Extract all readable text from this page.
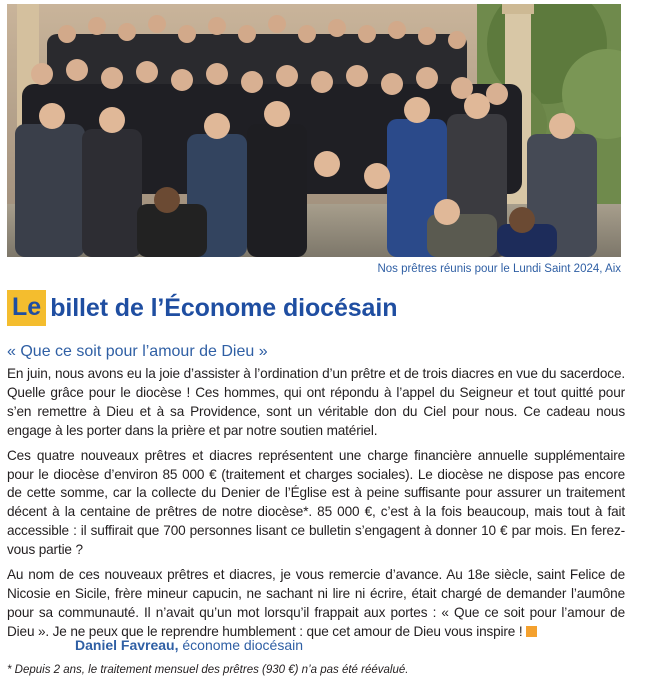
Nos prêtres réunis pour le Lundi Saint 2024, Aix
Le billet de l’Économe diocésain
« Que ce soit pour l’amour de Dieu »

En juin, nous avons eu la joie d’assister à l’ordination d’un prêtre et de trois diacres en vue du sacerdoce. Quelle grâce pour le diocèse ! Ces hommes, qui ont répondu à l’appel du Seigneur et tout quitté pour s’en remettre à Dieu et à sa Providence, sont un véritable don du Ciel pour nous. Ce cadeau nous engage à les porter dans la prière et par notre soutien matériel.

Ces quatre nouveaux prêtres et diacres représentent une charge financière annuelle supplémentaire pour le diocèse d’environ 85 000 € (traitement et charges sociales). Le diocèse ne dispose pas encore de cette somme, car la collecte du Denier de l’Église est à peine suffisante pour assurer un traitement décent à la centaine de prêtres de notre diocèse*. 85 000 €, c’est à la fois beaucoup, mais tout à fait accessible : il suffirait que 700 personnes lisant ce bulletin s’engagent à donner 10 € par mois. En ferez-vous partie ?

Au nom de ces nouveaux prêtres et diacres, je vous remercie d’avance. Au 18e siècle, saint Felice de Nicosie en Sicile, frère mineur capucin, ne sachant ni lire ni écrire, était chargé de demander l’aumône pour sa communauté. Il n’avait qu’un mot lorsqu’il frappait aux portes : « Que ce soit pour l’amour de Dieu ». Je ne peux que le reprendre humblement : que cet amour de Dieu vous inspire !

Daniel Favreau, économe diocésain
* Depuis 2 ans, le traitement mensuel des prêtres (930 €) n’a pas été réévalué.
